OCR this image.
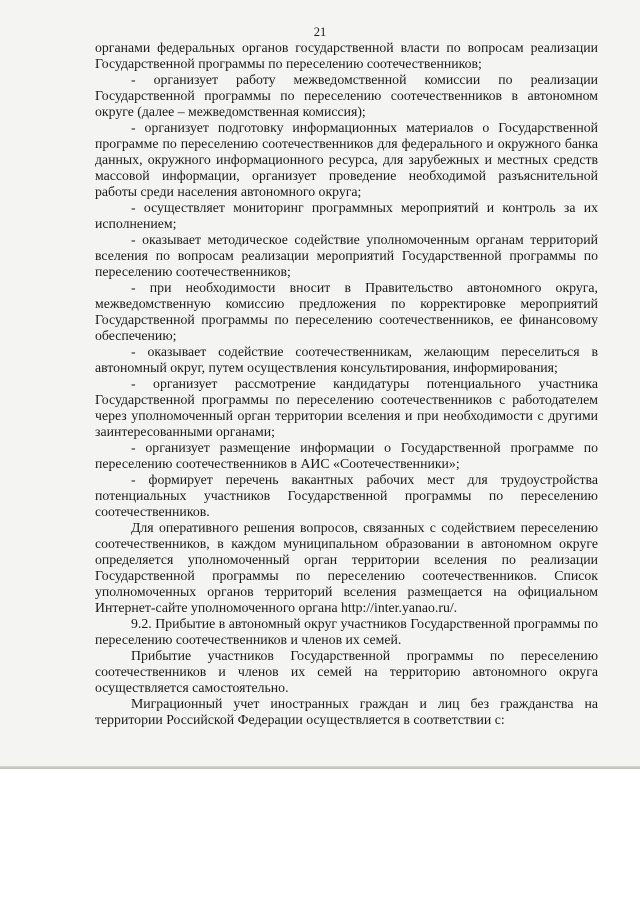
21

органами федеральных органов государственной власти по вопросам реализации Государственной программы по переселению соотечественников;

- организует работу межведомственной комиссии по реализации Государственной программы по переселению соотечественников в автономном округе (далее – межведомственная комиссия);

- организует подготовку информационных материалов о Государственной программе по переселению соотечественников для федерального и окружного банка данных, окружного информационного ресурса, для зарубежных и местных средств массовой информации, организует проведение необходимой разъяснительной работы среди населения автономного округа;

- осуществляет мониторинг программных мероприятий и контроль за их исполнением;

- оказывает методическое содействие уполномоченным органам территорий вселения по вопросам реализации мероприятий Государственной программы по переселению соотечественников;

- при необходимости вносит в Правительство автономного округа, межведомственную комиссию предложения по корректировке мероприятий Государственной программы по переселению соотечественников, ее финансовому обеспечению;

- оказывает содействие соотечественникам, желающим переселиться в автономный округ, путем осуществления консультирования, информирования;

- организует рассмотрение кандидатуры потенциального участника Государственной программы по переселению соотечественников с работодателем через уполномоченный орган территории вселения и при необходимости с другими заинтересованными органами;

- организует размещение информации о Государственной программе по переселению соотечественников в АИС «Соотечественники»;

- формирует перечень вакантных рабочих мест для трудоустройства потенциальных участников Государственной программы по переселению соотечественников.

Для оперативного решения вопросов, связанных с содействием переселению соотечественников, в каждом муниципальном образовании в автономном округе определяется уполномоченный орган территории вселения по реализации Государственной программы по переселению соотечественников. Список уполномоченных органов территорий вселения размещается на официальном Интернет-сайте уполномоченного органа http://inter.yanao.ru/.

9.2. Прибытие в автономный округ участников Государственной программы по переселению соотечественников и членов их семей.

Прибытие участников Государственной программы по переселению соотечественников и членов их семей на территорию автономного округа осуществляется самостоятельно.

Миграционный учет иностранных граждан и лиц без гражданства на территории Российской Федерации осуществляется в соответствии с:
